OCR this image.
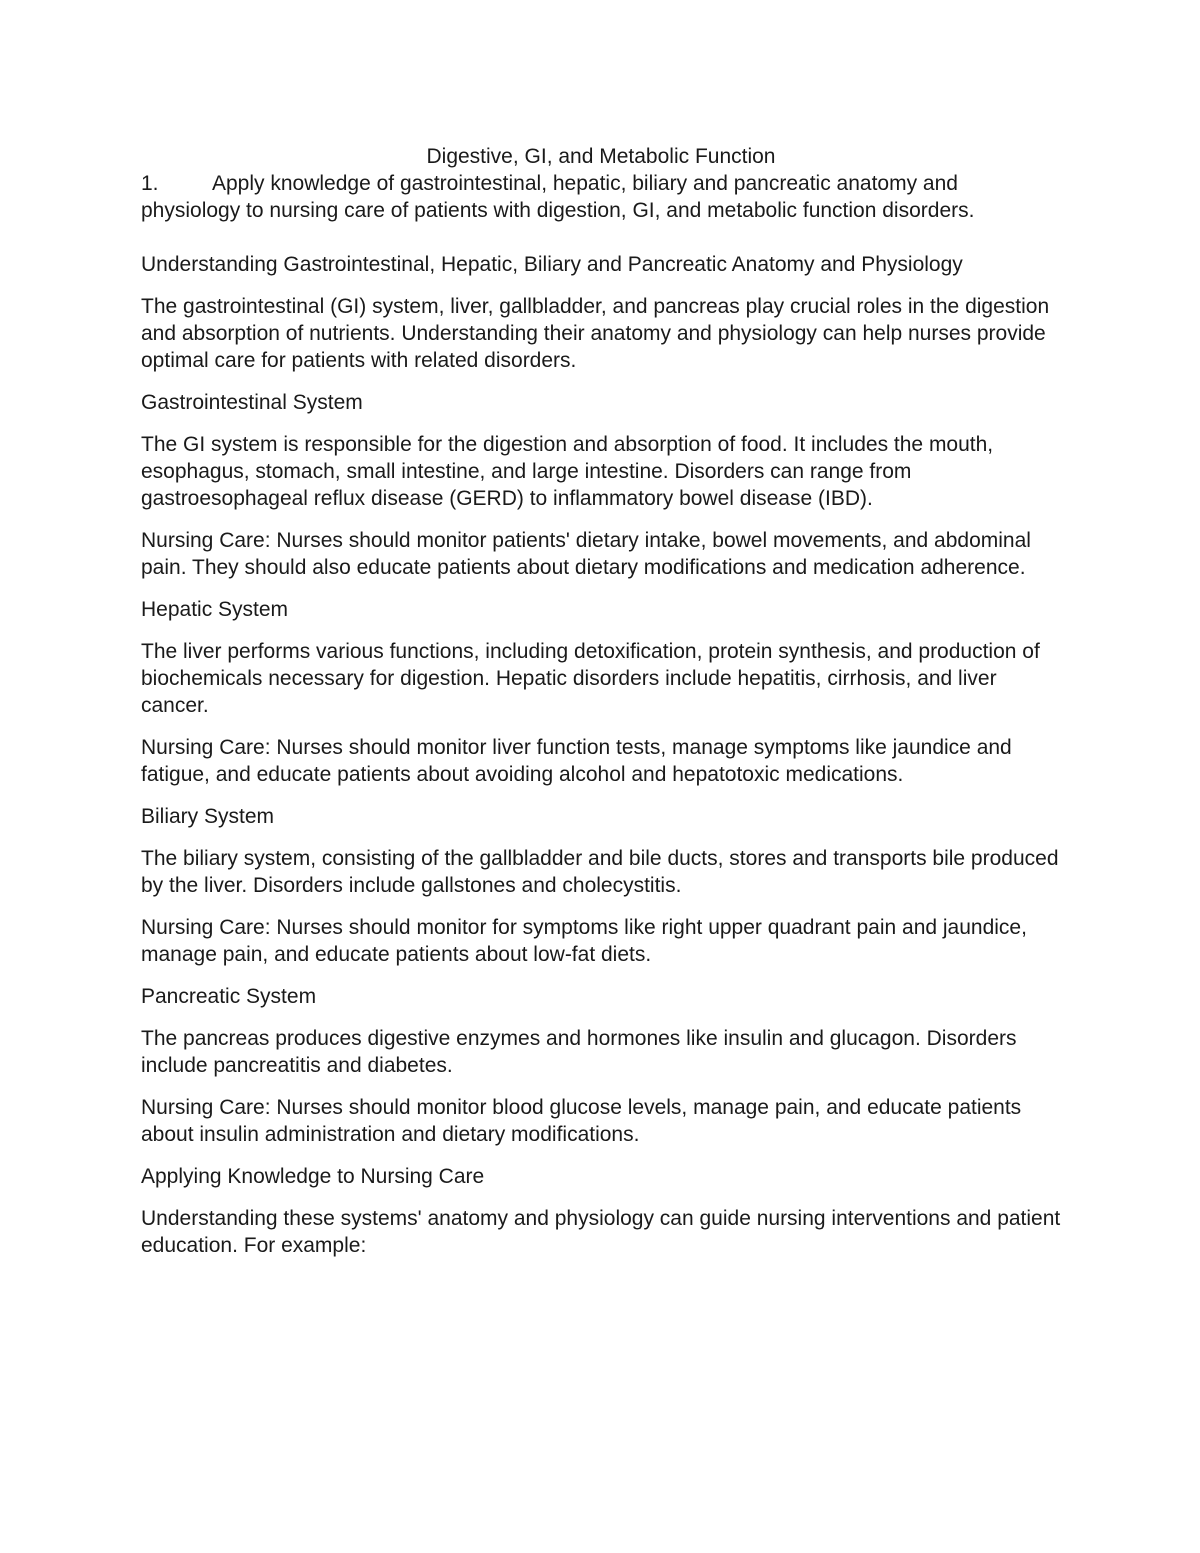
Digestive, GI, and Metabolic Function
1.	Apply knowledge of gastrointestinal, hepatic, biliary and pancreatic anatomy and physiology to nursing care of patients with digestion, GI, and metabolic function disorders.
Understanding Gastrointestinal, Hepatic, Biliary and Pancreatic Anatomy and Physiology

The gastrointestinal (GI) system, liver, gallbladder, and pancreas play crucial roles in the digestion and absorption of nutrients. Understanding their anatomy and physiology can help nurses provide optimal care for patients with related disorders.

Gastrointestinal System

The GI system is responsible for the digestion and absorption of food. It includes the mouth, esophagus, stomach, small intestine, and large intestine. Disorders can range from gastroesophageal reflux disease (GERD) to inflammatory bowel disease (IBD).

Nursing Care: Nurses should monitor patients' dietary intake, bowel movements, and abdominal pain. They should also educate patients about dietary modifications and medication adherence.

Hepatic System

The liver performs various functions, including detoxification, protein synthesis, and production of biochemicals necessary for digestion. Hepatic disorders include hepatitis, cirrhosis, and liver cancer.

Nursing Care: Nurses should monitor liver function tests, manage symptoms like jaundice and fatigue, and educate patients about avoiding alcohol and hepatotoxic medications.

Biliary System

The biliary system, consisting of the gallbladder and bile ducts, stores and transports bile produced by the liver. Disorders include gallstones and cholecystitis.

Nursing Care: Nurses should monitor for symptoms like right upper quadrant pain and jaundice, manage pain, and educate patients about low-fat diets.

Pancreatic System

The pancreas produces digestive enzymes and hormones like insulin and glucagon. Disorders include pancreatitis and diabetes.

Nursing Care: Nurses should monitor blood glucose levels, manage pain, and educate patients about insulin administration and dietary modifications.

Applying Knowledge to Nursing Care

Understanding these systems' anatomy and physiology can guide nursing interventions and patient education. For example:
